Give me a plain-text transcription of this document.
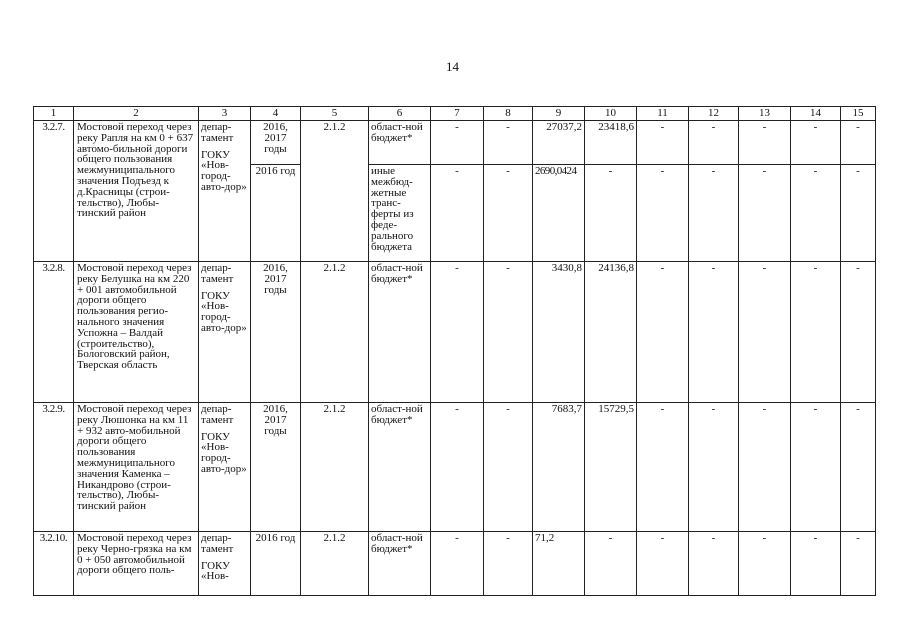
14
1	2	3	4	5	6	7	8	9	10	11	12	13	14	15
3.2.7.	Мостовой переход через реку Рапля на км 0 + 637 автомо-бильной дороги общего пользования межмуниципального значения Подъезд к д.Красницы (строи-тельство), Любы-тинский район	депар-тамент
ГОКУ «Нов-город-авто-дор»	2016, 2017 годы	2.1.2	област-ной бюджет*	-	-	27037,2	23418,6	-	-	-	-	-
			2016 год		иные межбюд-жетные транс-ферты из феде-рального бюджета	-	-	2690,0424	-	-	-	-	-	-
3.2.8.	Мостовой переход через реку Белушка на км 220 + 001 автомобильной дороги общего пользования регио-нального значения Успожна – Валдай (строительство), Бологовский район, Тверская область	депар-тамент
ГОКУ «Нов-город-авто-дор»	2016, 2017 годы	2.1.2	област-ной бюджет*	-	-	3430,8	24136,8	-	-	-	-	-
3.2.9.	Мостовой переход через реку Люшонка на км 11 + 932 авто-мобильной дороги общего пользования межмуниципального значения Каменка – Никандрово (строи-тельство), Любы-тинский район	депар-тамент
ГОКУ «Нов-город-авто-дор»	2016, 2017 годы	2.1.2	област-ной бюджет*	-	-	7683,7	15729,5	-	-	-	-	-
3.2.10.	Мостовой переход через реку Черно-грязка на км 0 + 050 автомобильной дороги общего поль-	депар-тамент
ГОКУ «Нов-	2016 год	2.1.2	област-ной бюджет*	-	-	71,2	-	-	-	-	-	-
